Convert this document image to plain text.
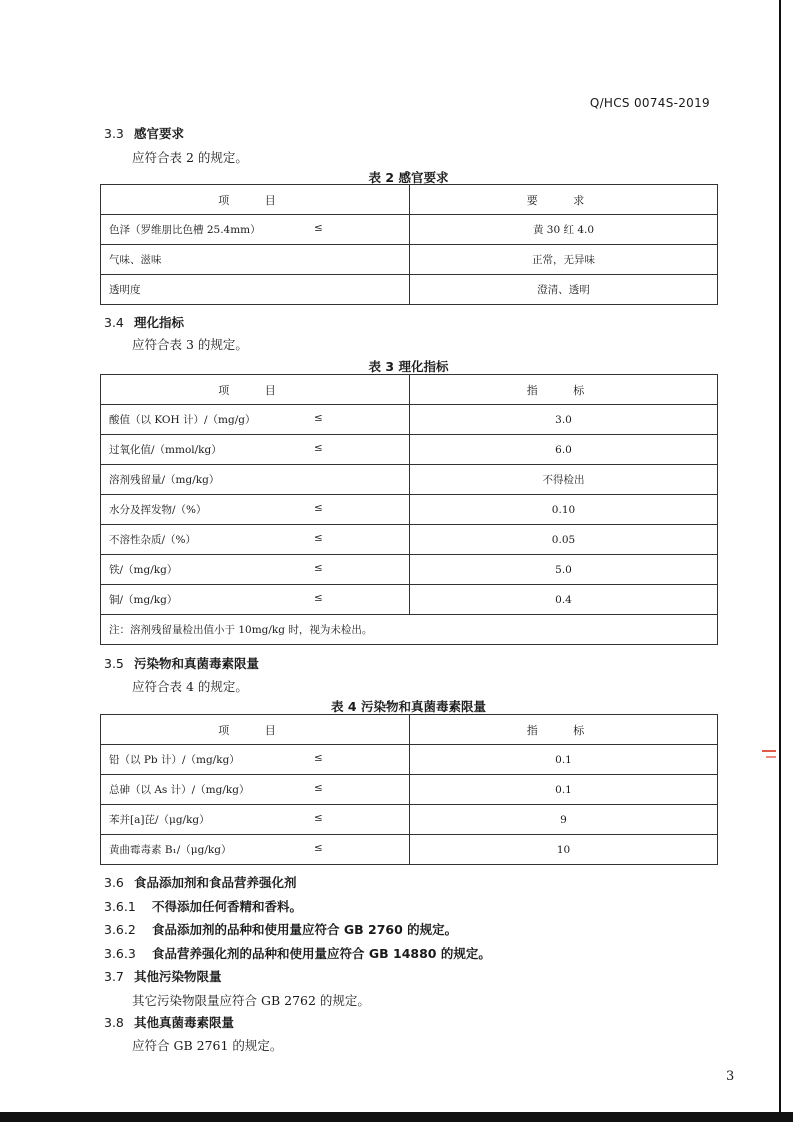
Q/HCS 0074S-2019
3.3 感官要求
应符合表 2 的规定。
表 2 感官要求
项 目	要 求
色泽（罗维朋比色槽 25.4mm） ≤	黄 30 红 4.0
气味、滋味	正常，无异味
透明度	澄清、透明
3.4 理化指标
应符合表 3 的规定。
表 3 理化指标
项 目	指 标
酸值（以 KOH 计）/（mg/g） ≤	3.0
过氧化值/（mmol/kg） ≤	6.0
溶剂残留量/（mg/kg）	不得检出
水分及挥发物/（%） ≤	0.10
不溶性杂质/（%） ≤	0.05
铁/（mg/kg） ≤	5.0
铜/（mg/kg） ≤	0.4
注：溶剂残留量检出值小于 10mg/kg 时，视为未检出。	
3.5 污染物和真菌毒素限量
应符合表 4 的规定。
表 4 污染物和真菌毒素限量
项 目	指 标
铅（以 Pb 计）/（mg/kg） ≤	0.1
总砷（以 As 计）/（mg/kg） ≤	0.1
苯并[a]芘/（μg/kg） ≤	9
黄曲霉毒素 B₁/（μg/kg） ≤	10
3.6 食品添加剂和食品营养强化剂
3.6.1 不得添加任何香精和香料。
3.6.2 食品添加剂的品种和使用量应符合 GB 2760 的规定。
3.6.3 食品营养强化剂的品种和使用量应符合 GB 14880 的规定。
3.7 其他污染物限量
其它污染物限量应符合 GB 2762 的规定。
3.8 其他真菌毒素限量
应符合 GB 2761 的规定。
3
